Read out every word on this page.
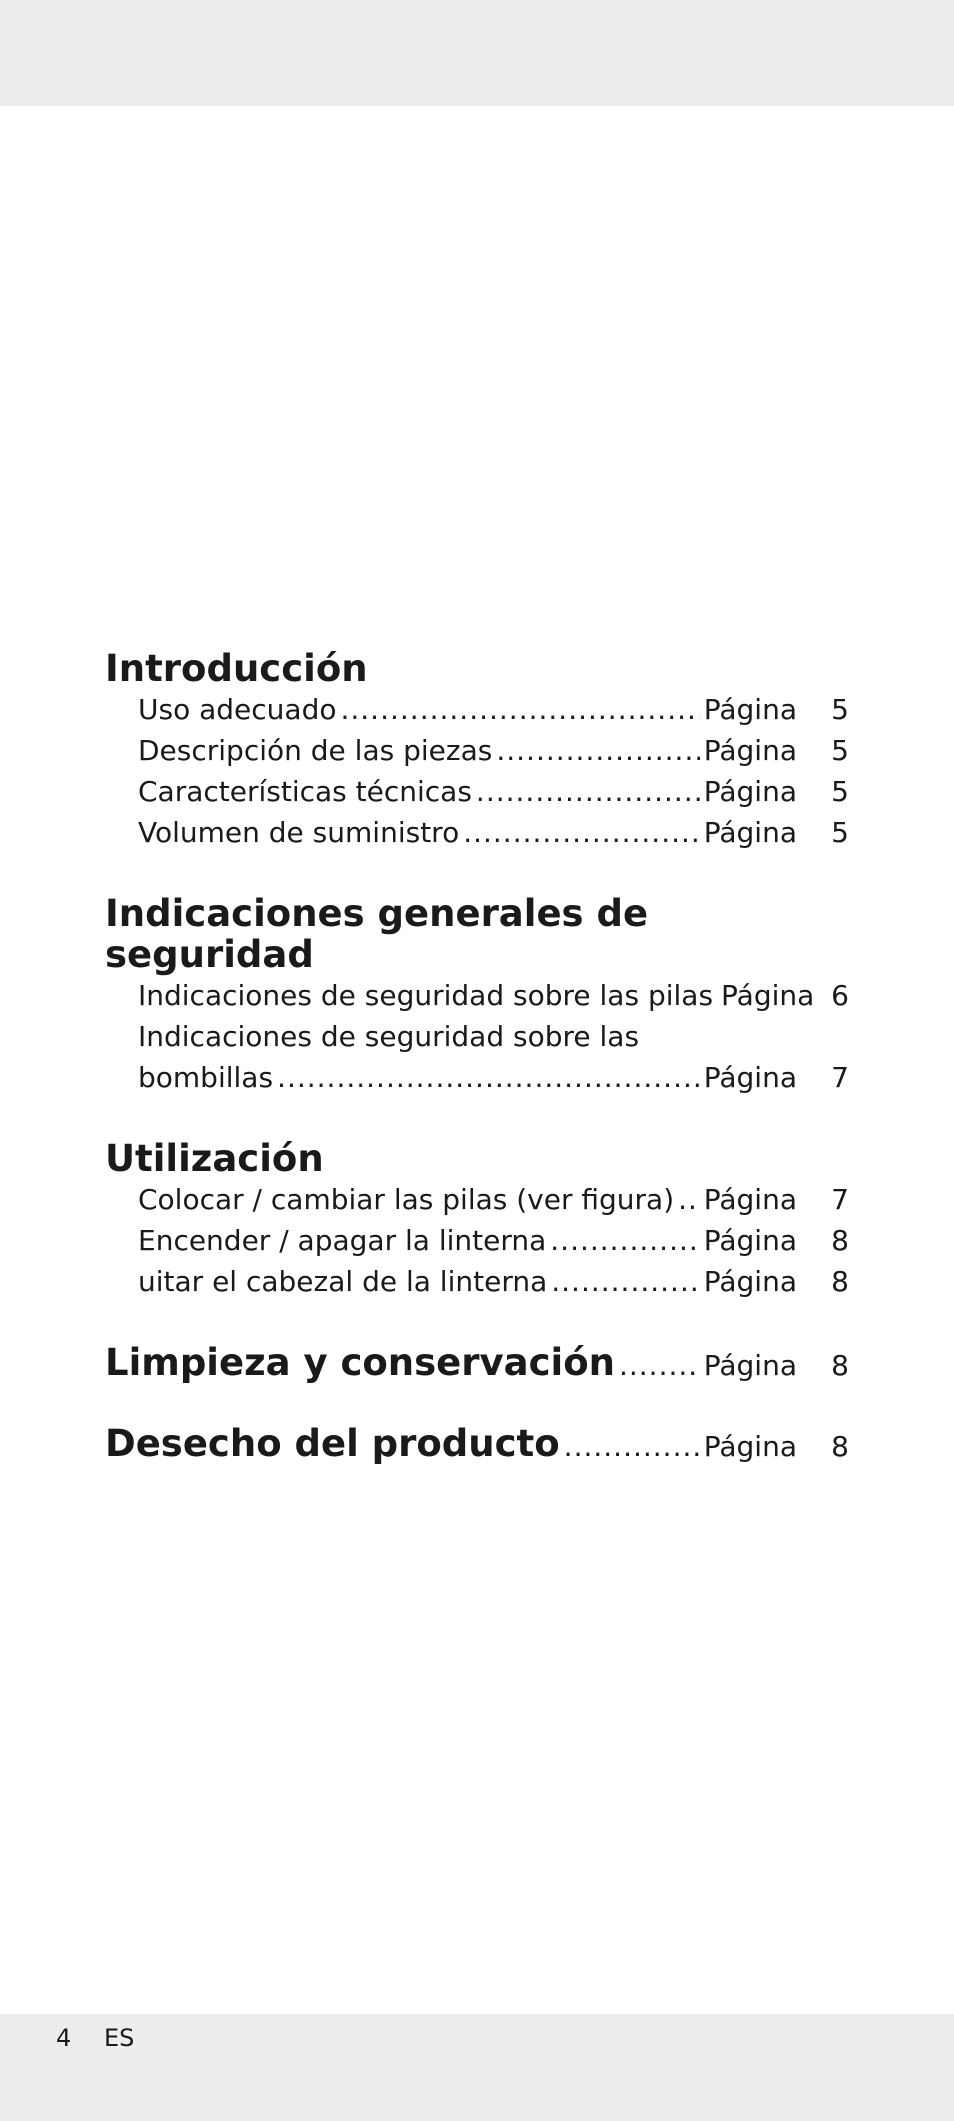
Introducción
Uso adecuado .....	Página	5
Descripción de las piezas .....	Página	5
Características técnicas .....	Página	5
Volumen de suministro .....	Página	5
Indicaciones generales de
seguridad
Indicaciones de seguridad sobre las pilas Página 6
Indicaciones de seguridad sobre las
bombillas .....	Página	7
Utilización
Colocar / cambiar las pilas (ver figura) ..... Página	7
Encender / apagar la linterna .....	Página	8
uitar el cabezal de la linterna .....	Página	8
Limpieza y conservación .....	Página	8
Desecho del producto .....	Página	8
4 ES
